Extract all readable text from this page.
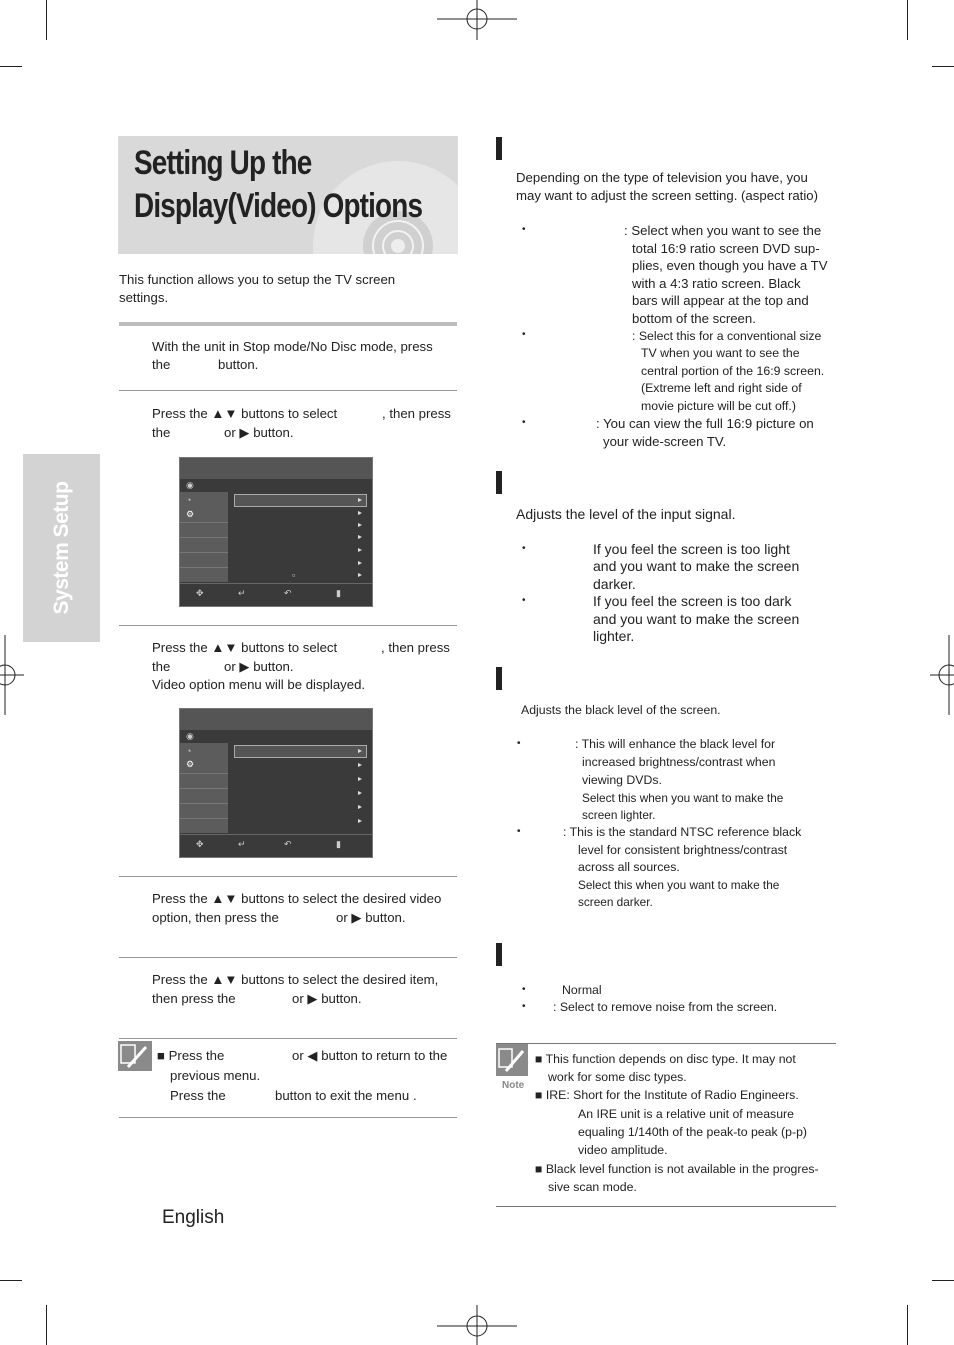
Setting Up the
Display(Video) Options
System Setup
This function allows you to setup the TV screen settings.
With the unit in Stop mode/No Disc mode, press
the	button.
Press the ▲▼ buttons to select	, then press
the	or ▶ button.
◉
◔
⚙
▫
✥	↵	↶	▮
Press the ▲▼ buttons to select	, then press
the	or ▶ button.
Video option menu will be displayed.
◉
◔
⚙
✥	↵	↶	▮
Press the ▲▼ buttons to select the desired video
option, then press the	or ▶ button.
Press the ▲▼ buttons to select the desired item,
then press the	or ▶ button.
■ Press the	or ◀ button to return to the
previous menu.
Press the	button to exit the menu .
English
Depending on the type of television you have, you
may want to adjust the screen setting. (aspect ratio)
•	: Select when you want to see the
total 16:9 ratio screen DVD sup-
plies, even though you have a TV
with a 4:3 ratio screen. Black
bars will appear at the top and
bottom of the screen.
•	: Select this for a conventional size
TV when you want to see the
central portion of the 16:9 screen.
(Extreme left and right side of
movie picture will be cut off.)
•	: You can view the full 16:9 picture on
your wide-screen TV.
Adjusts the level of the input signal.
•	If you feel the screen is too light
and you want to make the screen
darker.
•	If you feel the screen is too dark
and you want to make the screen
lighter.
Adjusts the black level of the screen.
•	: This will enhance the black level for
increased brightness/contrast when
viewing DVDs.
Select this when you want to make the
screen lighter.
•	: This is the standard NTSC reference black
level for consistent brightness/contrast
across all sources.
Select this when you want to make the
screen darker.
•	Normal
• : Select to remove noise from the screen.
Note
■ This function depends on disc type. It may not
work for some disc types.
■ IRE: Short for the Institute of Radio Engineers.
An IRE unit is a relative unit of measure
equaling 1/140th of the peak-to peak (p-p)
video amplitude.
■ Black level function is not available in the progres-
sive scan mode.
